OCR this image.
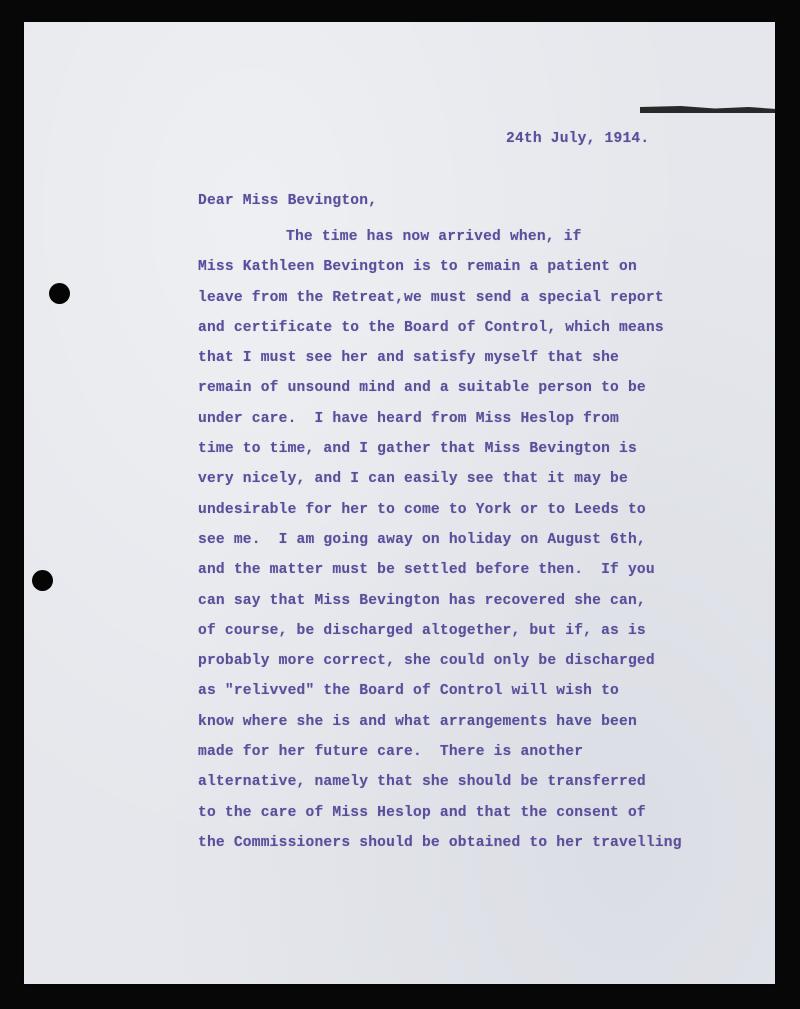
24th July, 1914.

Dear Miss Bevington,

The time has now arrived when, if
Miss Kathleen Bevington is to remain a patient on
leave from the Retreat,we must send a special report
and certificate to the Board of Control, which means
that I must see her and satisfy myself that she
remain of unsound mind and a suitable person to be
under care.  I have heard from Miss Heslop from
time to time, and I gather that Miss Bevington is
very nicely, and I can easily see that it may be
undesirable for her to come to York or to Leeds to
see me.  I am going away on holiday on August 6th,
and the matter must be settled before then.  If you
can say that Miss Bevington has recovered she can,
of course, be discharged altogether, but if, as is
probably more correct, she could only be discharged
as "relivved" the Board of Control will wish to
know where she is and what arrangements have been
made for her future care.  There is another
alternative, namely that she should be transferred
to the care of Miss Heslop and that the consent of
the Commissioners should be obtained to her travelling
